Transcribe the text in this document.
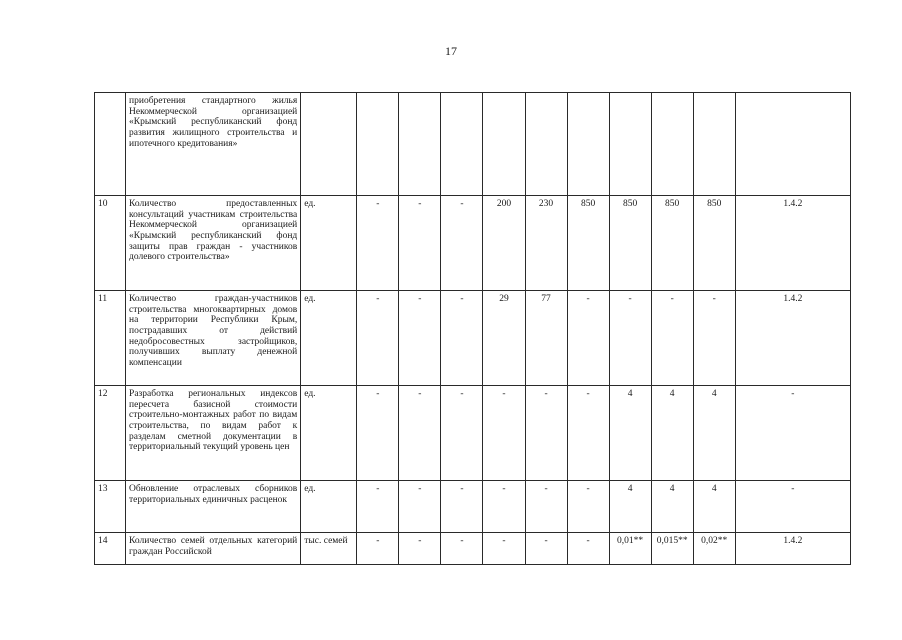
17
	приобретения стандартного жилья Некоммерческой организацией «Крымский республиканский фонд развития жилищного строительства и ипотечного кредитования»											
10	Количество предоставленных консультаций участникам строительства Некоммерческой организацией «Крымский республиканский фонд защиты прав граждан - участников долевого строительства»	ед.	-	-	-	200	230	850	850	850	850	1.4.2
11	Количество граждан-участников строительства многоквартирных домов на территории Республики Крым, пострадавших от действий недобросовестных застройщиков, получивших выплату денежной компенсации	ед.	-	-	-	29	77	-	-	-	-	1.4.2
12	Разработка региональных индексов пересчета базисной стоимости строительно-монтажных работ по видам строительства, по видам работ к разделам сметной документации в территориальный текущий уровень цен	ед.	-	-	-	-	-	-	4	4	4	-
13	Обновление отраслевых сборников территориальных единичных расценок	ед.	-	-	-	-	-	-	4	4	4	-
14	Количество семей отдельных категорий граждан Российской	тыс. семей	-	-	-	-	-	-	0,01**	0,015**	0,02**	1.4.2
